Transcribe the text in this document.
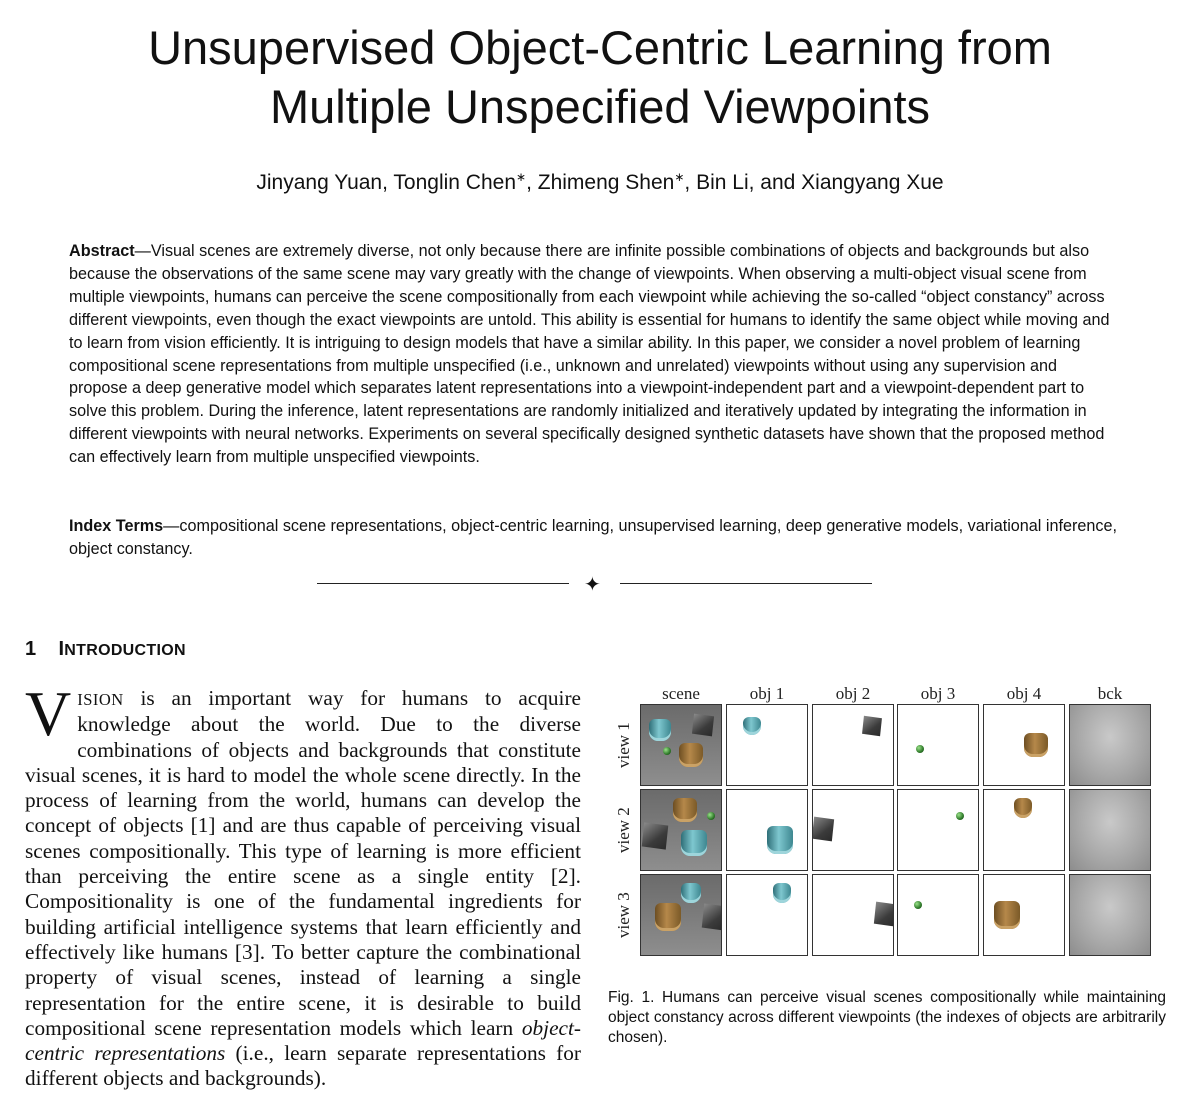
Unsupervised Object-Centric Learning from
Multiple Unspecified Viewpoints
Jinyang Yuan, Tonglin Chen∗, Zhimeng Shen∗, Bin Li, and Xiangyang Xue
Abstract—Visual scenes are extremely diverse, not only because there are infinite possible combinations of objects and backgrounds but also because the observations of the same scene may vary greatly with the change of viewpoints. When observing a multi-object visual scene from multiple viewpoints, humans can perceive the scene compositionally from each viewpoint while achieving the so-called “object constancy” across different viewpoints, even though the exact viewpoints are untold. This ability is essential for humans to identify the same object while moving and to learn from vision efficiently. It is intriguing to design models that have a similar ability. In this paper, we consider a novel problem of learning compositional scene representations from multiple unspecified (i.e., unknown and unrelated) viewpoints without using any supervision and propose a deep generative model which separates latent representations into a viewpoint-independent part and a viewpoint-dependent part to solve this problem. During the inference, latent representations are randomly initialized and iteratively updated by integrating the information in different viewpoints with neural networks. Experiments on several specifically designed synthetic datasets have shown that the proposed method can effectively learn from multiple unspecified viewpoints.
Index Terms—compositional scene representations, object-centric learning, unsupervised learning, deep generative models, variational inference, object constancy.
✦
1 INTRODUCTION
VISION is an important way for humans to acquire knowledge about the world. Due to the diverse combinations of objects and backgrounds that constitute visual scenes, it is hard to model the whole scene directly. In the process of learning from the world, humans can develop the concept of objects [1] and are thus capable of perceiving visual scenes compositionally. This type of learning is more efficient than perceiving the entire scene as a single entity [2]. Compositionality is one of the fundamental ingredients for building artificial intelligence systems that learn efficiently and effectively like humans [3]. To better capture the combinational property of visual scenes, instead of learning a single representation for the entire scene, it is desirable to build compositional scene representation models which learn object-centric representations (i.e., learn separate representations for different objects and backgrounds).
scene	obj 1	obj 2	obj 3	obj 4	bck
view 1
view 2
view 3
Fig. 1. Humans can perceive visual scenes compositionally while maintaining object constancy across different viewpoints (the indexes of objects are arbitrarily chosen).
